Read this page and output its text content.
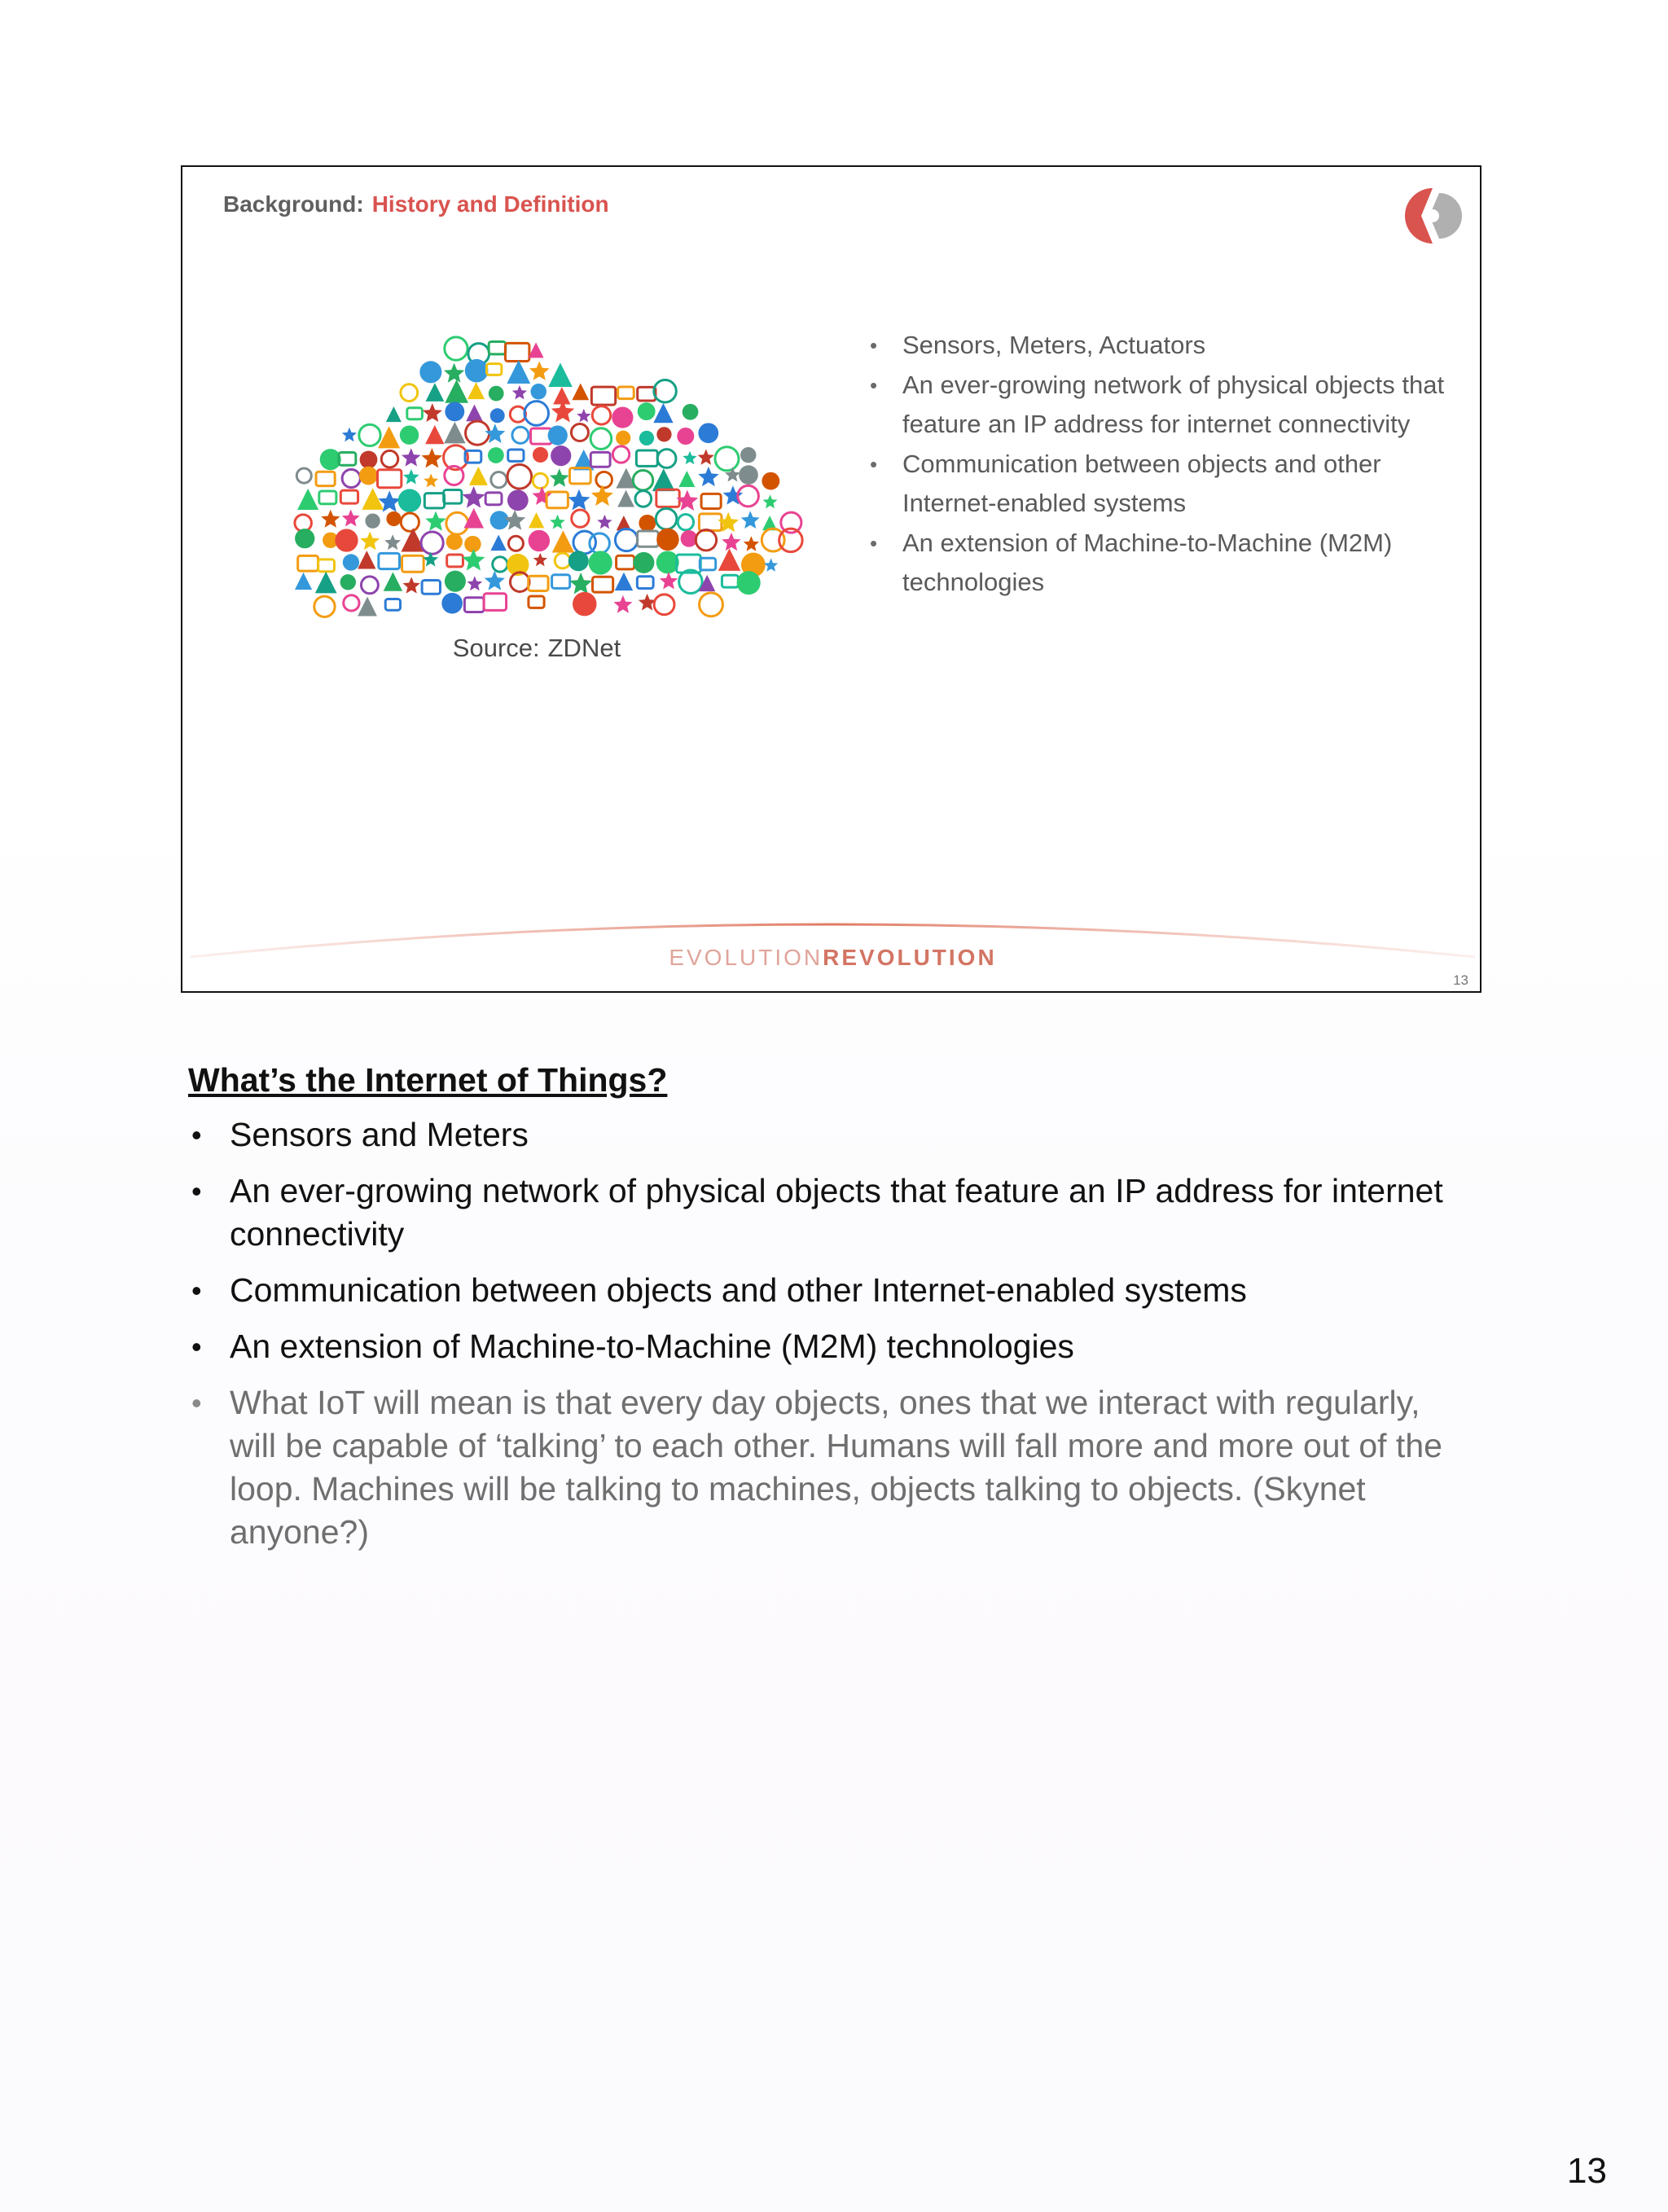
Background: History and Definition
Source: ZDNet
• Sensors, Meters, Actuators
• An ever-growing network of physical objects that feature an IP address for internet connectivity
• Communication between objects and other Internet-enabled systems
• An extension of Machine-to-Machine (M2M) technologies
EVOLUTIONREVOLUTION
13
What’s the Internet of Things?
• Sensors and Meters
• An ever-growing network of physical objects that feature an IP address for internet connectivity
• Communication between objects and other Internet-enabled systems
• An extension of Machine-to-Machine (M2M) technologies
• What IoT will mean is that every day objects, ones that we interact with regularly, will be capable of ‘talking’ to each other. Humans will fall more and more out of the loop. Machines will be talking to machines, objects talking to objects. (Skynet anyone?)
13
